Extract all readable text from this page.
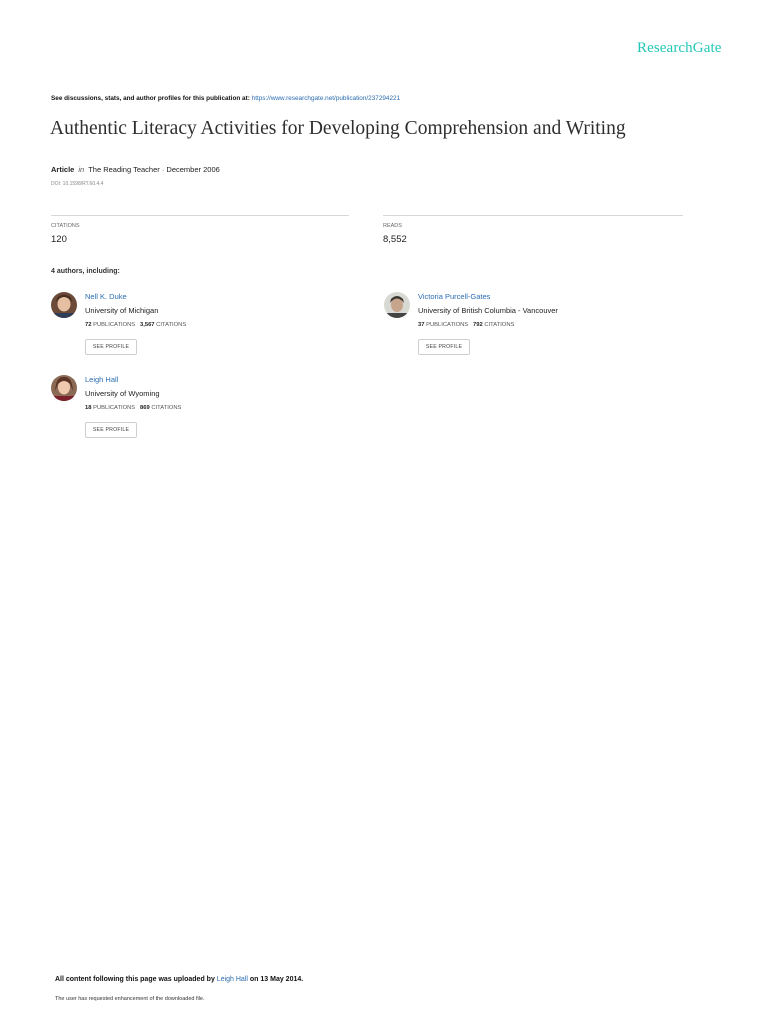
ResearchGate
See discussions, stats, and author profiles for this publication at: https://www.researchgate.net/publication/237294221
Authentic Literacy Activities for Developing Comprehension and Writing
Article in The Reading Teacher · December 2006
DOI: 10.1598/RT.60.4.4
CITATIONS
120
READS
8,552
4 authors, including:
Nell K. Duke
University of Michigan
72 PUBLICATIONS 3,567 CITATIONS
SEE PROFILE
Victoria Purcell-Gates
University of British Columbia - Vancouver
37 PUBLICATIONS 792 CITATIONS
SEE PROFILE
Leigh Hall
University of Wyoming
18 PUBLICATIONS 869 CITATIONS
SEE PROFILE
All content following this page was uploaded by Leigh Hall on 13 May 2014.
The user has requested enhancement of the downloaded file.
